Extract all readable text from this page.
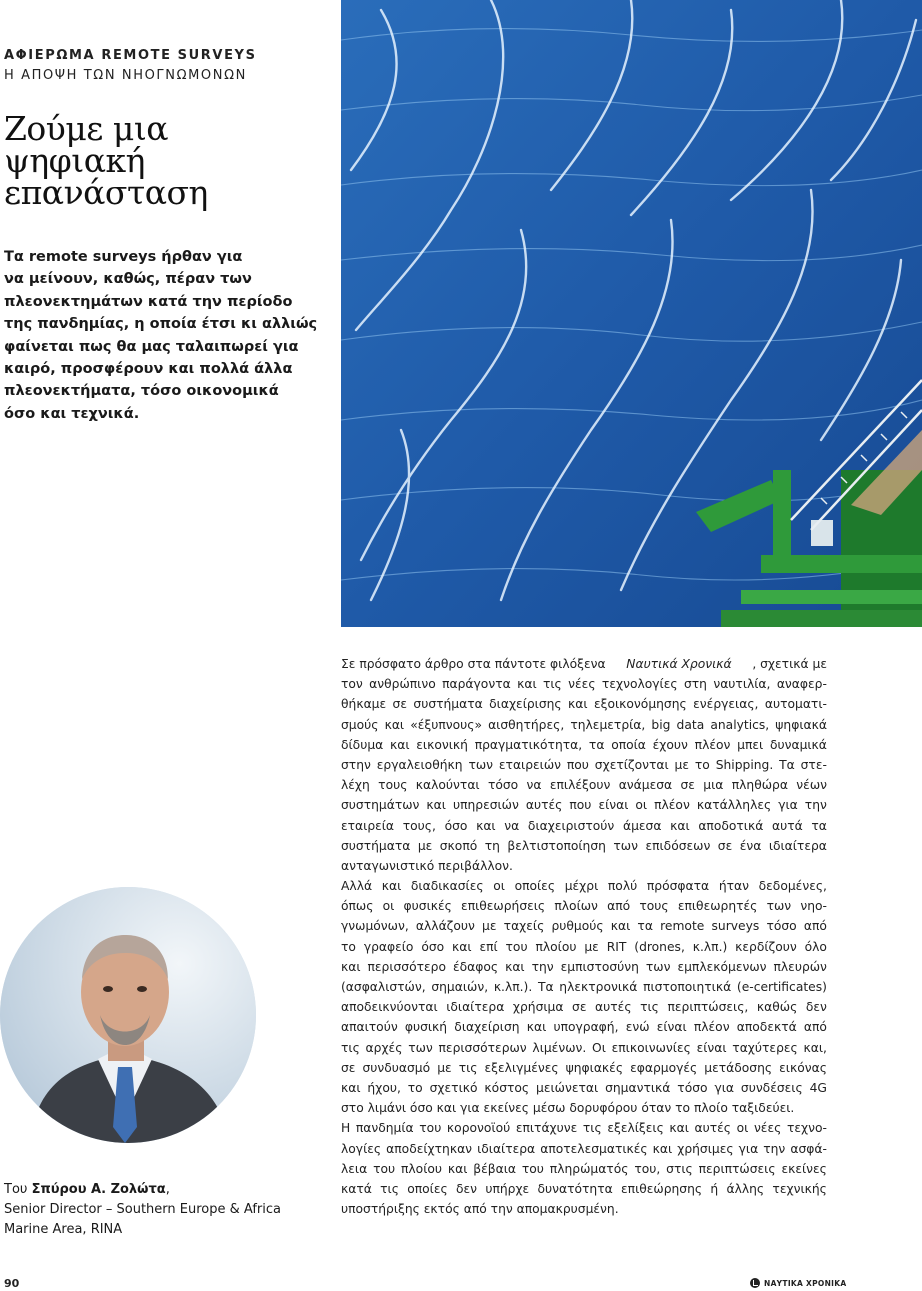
ΑΦΙΕΡΩΜΑ REMOTE SURVEYS
Η ΑΠΟΨΗ ΤΩΝ ΝΗΟΓΝΩΜΟΝΩΝ
Ζούμε μια
ψηφιακή
επανάσταση
Τα remote surveys ήρθαν για
να μείνουν, καθώς, πέραν των
πλεονεκτημάτων κατά την περίοδο
της πανδημίας, η οποία έτσι κι αλλιώς
φαίνεται πως θα μας ταλαιπωρεί για
καιρό, προσφέρουν και πολλά άλλα
πλεονεκτήματα, τόσο οικονομικά
όσο και τεχνικά.
Σε πρόσφατο άρθρο στα πάντοτε φιλόξενα Ναυτικά Χρονικά , σχετικά με
τον ανθρώπινο παράγοντα και τις νέες τεχνολογίες στη ναυτιλία, αναφερ-
θήκαμε σε συστήματα διαχείρισης και εξοικονόμησης ενέργειας, αυτοματι-
σμούς και «έξυπνους» αισθητήρες, τηλεμετρία, big data analytics, ψηφιακά
δίδυμα και εικονική πραγματικότητα, τα οποία έχουν πλέον μπει δυναμικά
στην εργαλειοθήκη των εταιρειών που σχετίζονται με το Shipping. Τα στε-
λέχη τους καλούνται τόσο να επιλέξουν ανάμεσα σε μια πληθώρα νέων
συστημάτων και υπηρεσιών αυτές που είναι οι πλέον κατάλληλες για την
εταιρεία τους, όσο και να διαχειριστούν άμεσα και αποδοτικά αυτά τα
συστήματα με σκοπό τη βελτιστοποίηση των επιδόσεων σε ένα ιδιαίτερα
ανταγωνιστικό περιβάλλον.
Αλλά και διαδικασίες οι οποίες μέχρι πολύ πρόσφατα ήταν δεδομένες,
όπως οι φυσικές επιθεωρήσεις πλοίων από τους επιθεωρητές των νηο-
γνωμόνων, αλλάζουν με ταχείς ρυθμούς και τα remote surveys τόσο από
το γραφείο όσο και επί του πλοίου με RIT (drones, κ.λπ.) κερδίζουν όλο
και περισσότερο έδαφος και την εμπιστοσύνη των εμπλεκόμενων πλευρών
(ασφαλιστών, σημαιών, κ.λπ.). Τα ηλεκτρονικά πιστοποιητικά (e-certificates)
αποδεικνύονται ιδιαίτερα χρήσιμα σε αυτές τις περιπτώσεις, καθώς δεν
απαιτούν φυσική διαχείριση και υπογραφή, ενώ είναι πλέον αποδεκτά από
τις αρχές των περισσότερων λιμένων. Οι επικοινωνίες είναι ταχύτερες και,
σε συνδυασμό με τις εξελιγμένες ψηφιακές εφαρμογές μετάδοσης εικόνας
και ήχου, το σχετικό κόστος μειώνεται σημαντικά τόσο για συνδέσεις 4G
στο λιμάνι όσο και για εκείνες μέσω δορυφόρου όταν το πλοίο ταξιδεύει.
Η πανδημία του κορονοϊού επιτάχυνε τις εξελίξεις και αυτές οι νέες τεχνο-
λογίες αποδείχτηκαν ιδιαίτερα αποτελεσματικές και χρήσιμες για την ασφά-
λεια του πλοίου και βέβαια του πληρώματός του, στις περιπτώσεις εκείνες
κατά τις οποίες δεν υπήρχε δυνατότητα επιθεώρησης ή άλλης τεχνικής
υποστήριξης εκτός από την απομακρυσμένη.
Του Σπύρου Α. Ζολώτα,
Senior Director – Southern Europe & Africa
Marine Area, RINA
90	ΝΑΥΤΙΚΑ ΧΡΟΝΙΚΑ
